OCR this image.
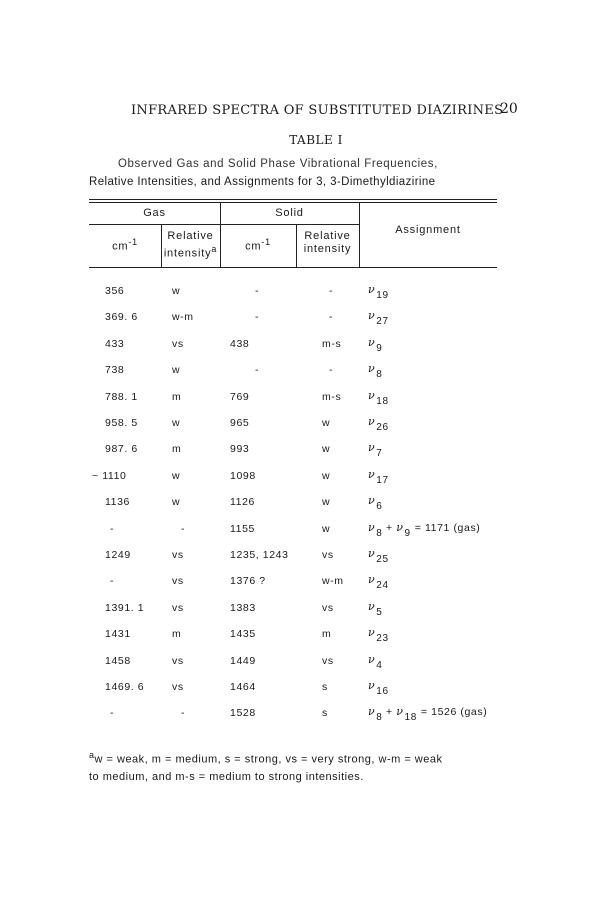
INFRARED SPECTRA OF SUBSTITUTED DIAZIRINES
20
TABLE I
Observed Gas and Solid Phase Vibrational Frequencies,
Relative Intensities, and Assignments for 3, 3-Dimethyldiazirine
Gas	Solid
Assignment
$cm^{-1}$	Relative
intensity$^a$	$cm^{-1}$	Relative
intensity
356	w	-	-	ν19
369. 6	w-m	-	-	ν27
433	vs	438	m-s ν9
738	w	-	-	ν8
788. 1	m	769	m-s ν18
958. 5	w	965	w	ν26
987. 6	m	993	w	ν7
~ 1110	w	1098	w	ν17
1136	w	1126	w	ν6
-	-	1155	w	ν8 + ν9 = 1171 (gas)
1249	vs	1235, 1243	vs	ν25
-	vs	1376 ?	w-m ν24
1391. 1	vs	1383	vs	ν5
1431	m	1435	m	ν23
1458	vs	1449	vs	ν4
1469. 6	vs	1464	s	ν16
-	-	1528	s	ν8 + ν18 = 1526 (gas)
$^a$w = weak, m = medium, s = strong, vs = very strong, w-m = weak
to medium, and m-s = medium to strong intensities.
